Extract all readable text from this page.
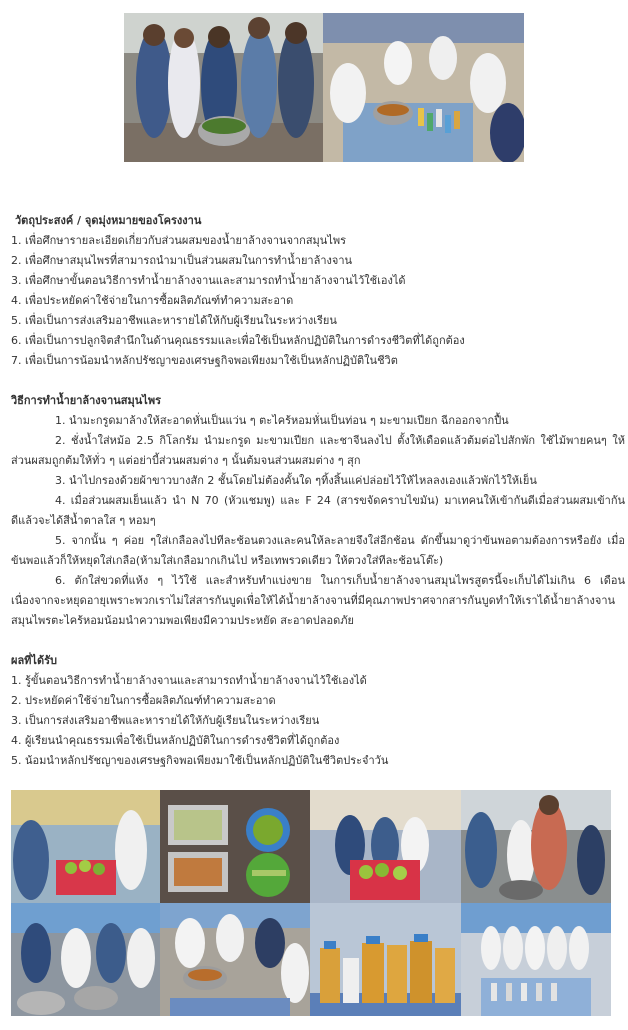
วัตถุประสงค์ / จุดมุ่งหมายของโครงงาน
1. เพื่อศึกษารายละเอียดเกี่ยวกับส่วนผสมของน้ำยาล้างจานจากสมุนไพร
2. เพื่อศึกษาสมุนไพรที่สามารถนำมาเป็นส่วนผสมในการทำน้ำยาล้างจาน
3. เพื่อศึกษาขั้นตอนวิธีการทำน้ำยาล้างจานและสามารถทำน้ำยาล้างจานไว้ใช้เองได้
4. เพื่อประหยัดค่าใช้จ่ายในการซื้อผลิตภัณฑ์ทำความสะอาด
5. เพื่อเป็นการส่งเสริมอาชีพและหารายได้ให้กับผู้เรียนในระหว่างเรียน
6. เพื่อเป็นการปลูกจิตสำนึกในด้านคุณธรรมและเพื่อใช้เป็นหลักปฏิบัติในการดำรงชีวิตที่ได้ถูกต้อง
7. เพื่อเป็นการน้อมนำหลักปรัชญาของเศรษฐกิจพอเพียงมาใช้เป็นหลักปฏิบัติในชีวิต
วิธีการทำน้ำยาล้างจานสมุนไพร
1. นำมะกรูดมาล้างให้สะอาดหั่นเป็นแว่น ๆ ตะไคร้หอมหั่นเป็นท่อน ๆ มะขามเปียก ฉีกออกจากปื้น
2. ชั่งน้ำใส่หม้อ 2.5 กิโลกรัม นำมะกรูด มะขามเปียก และชาจีนลงไป ตั้งให้เดือดแล้วต้มต่อไปสักพัก ใช้ไม้พายคนๆ ให้ส่วนผสมถูกต้มให้ทั่ว ๆ แต่อย่าบี้ส่วนผสมต่าง ๆ นั้นต้มจนส่วนผสมต่าง ๆ สุก
3. นำไปกรองด้วยผ้าขาวบางสัก 2 ชั้นโดยไม่ต้องคั้นใด ๆทิ้งสิ้นแค่ปล่อยไว้ให้ไหลลงเองแล้วพักไว้ให้เย็น
4. เมื่อส่วนผสมเย็นแล้ว นำ N 70 (หัวแชมพู) และ F 24 (สารขจัดคราบไขมัน) มาเทคนให้เข้ากันดีเมื่อส่วนผสมเข้ากันดีแล้วจะได้สีน้ำตาลใส ๆ หอมๆ
5. จากนั้น ๆ ค่อย ๆใส่เกลือลงไปทีละช้อนตวงและคนให้ละลายจึงใส่อีกช้อน ดักขึ้นมาดูว่าข้นพอตามต้องการหรือยัง เมื่อข้นพอแล้วก็ให้หยุดใส่เกลือ(ห้ามใส่เกลือมากเกินไป หรือเทพรวดเดียว ให้ตวงใส่ทีละช้อนโต๊ะ)
6. ตักใส่ขวดที่แห้ง ๆ ไว้ใช้ และสำหรับทำแบ่งขาย ในการเก็บน้ำยาล้างจานสมุนไพรสูตรนี้จะเก็บได้ไม่เกิน 6 เดือน เนื่องจากจะหยุดอายุเพราะพวกเราไม่ใส่สารกันบูดเพื่อให้ได้น้ำยาล้างจานที่มีคุณภาพปราศจากสารกันบูดทำให้เราได้น้ำยาล้างจานสมุนไพรตะไคร้หอมน้อมนำความพอเพียงมีความประหยัด สะอาดปลอดภัย
ผลที่ได้รับ
1. รู้ขั้นตอนวิธีการทำน้ำยาล้างจานและสามารถทำน้ำยาล้างจานไว้ใช้เองได้
2. ประหยัดค่าใช้จ่ายในการซื้อผลิตภัณฑ์ทำความสะอาด
3. เป็นการส่งเสริมอาชีพและหารายได้ให้กับผู้เรียนในระหว่างเรียน
4. ผู้เรียนนำคุณธรรมเพื่อใช้เป็นหลักปฏิบัติในการดำรงชีวิตที่ได้ถูกต้อง
5. น้อมนำหลักปรัชญาของเศรษฐกิจพอเพียงมาใช้เป็นหลักปฏิบัติในชีวิตประจำวัน
